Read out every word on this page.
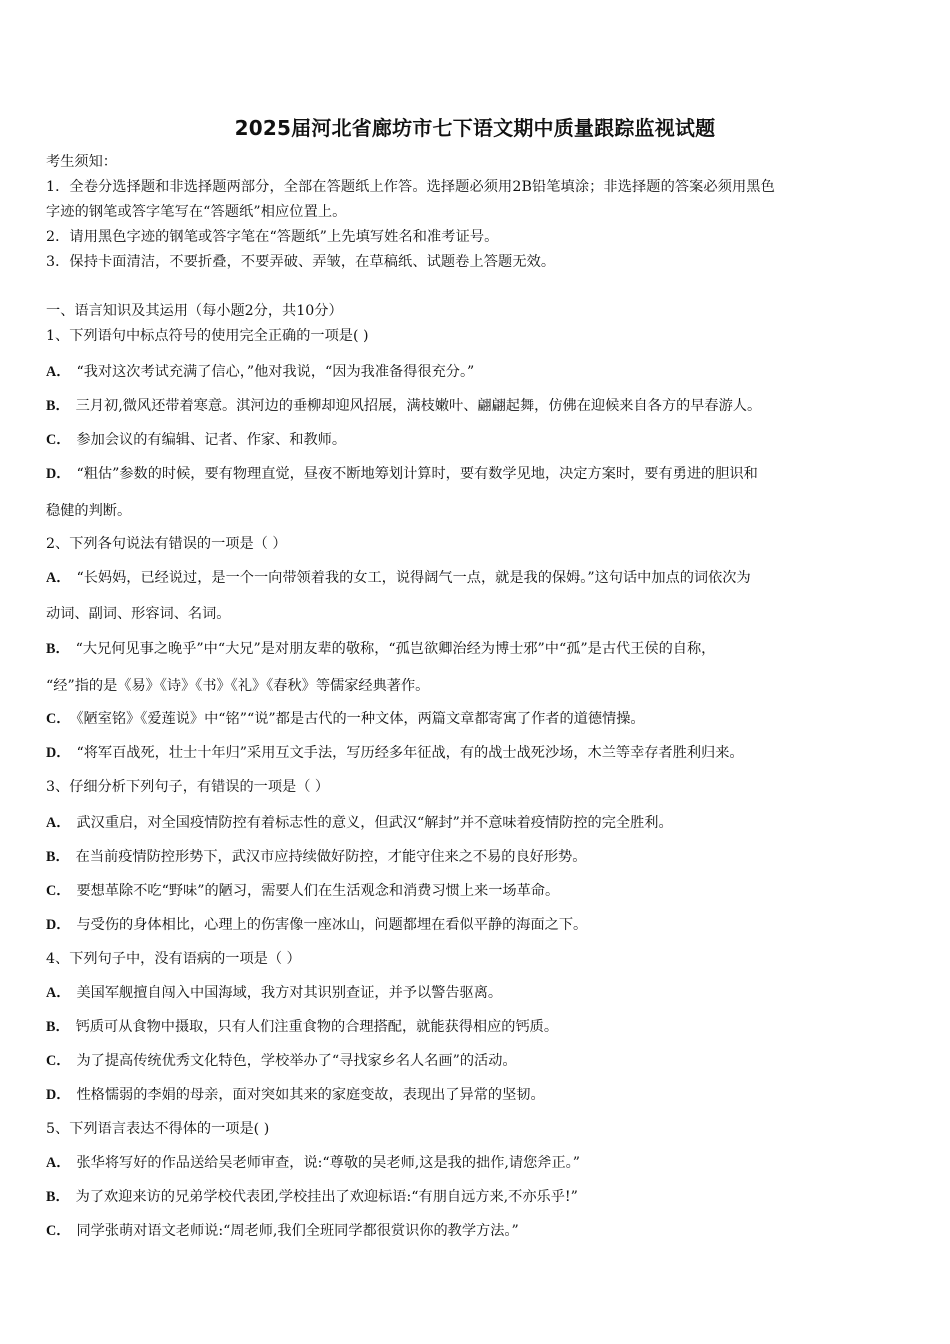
2025届河北省廊坊市七下语文期中质量跟踪监视试题
考生须知：
1．全卷分选择题和非选择题两部分，全部在答题纸上作答。选择题必须用2B铅笔填涂；非选择题的答案必须用黑色
字迹的钢笔或答字笔写在“答题纸”相应位置上。
2．请用黑色字迹的钢笔或答字笔在“答题纸”上先填写姓名和准考证号。
3．保持卡面清洁，不要折叠，不要弄破、弄皱，在草稿纸、试题卷上答题无效。
一、语言知识及其运用（每小题2分，共10分）
1、下列语句中标点符号的使用完全正确的一项是( )
A． “我对这次考试充满了信心，”他对我说，“因为我准备得很充分。”
B． 三月初,微风还带着寒意。淇河边的垂柳却迎风招展，满枝嫩叶、翩翩起舞，仿佛在迎候来自各方的早春游人。
C． 参加会议的有编辑、记者、作家、和教师。
D． “粗估”参数的时候，要有物理直觉，昼夜不断地筹划计算时，要有数学见地，决定方案时，要有勇进的胆识和
稳健的判断。
2、下列各句说法有错误的一项是（ ）
A． “长妈妈，已经说过，是一个一向带领着我的女工，说得阔气一点，就是我的保姆。”这句话中加点的词依次为
动词、副词、形容词、名词。
B． “大兄何见事之晚乎”中“大兄”是对朋友辈的敬称，“孤岂欲卿治经为博士邪”中“孤”是古代王侯的自称，
“经”指的是《易》《诗》《书》《礼》《春秋》等儒家经典著作。
C． 《陋室铭》《爱莲说》中“铭”“说”都是古代的一种文体，两篇文章都寄寓了作者的道德情操。
D． “将军百战死，壮士十年归”采用互文手法，写历经多年征战，有的战士战死沙场，木兰等幸存者胜利归来。
3、仔细分析下列句子，有错误的一项是（ ）
A． 武汉重启，对全国疫情防控有着标志性的意义，但武汉“解封”并不意味着疫情防控的完全胜利。
B． 在当前疫情防控形势下，武汉市应持续做好防控，才能守住来之不易的良好形势。
C． 要想革除不吃“野味”的陋习，需要人们在生活观念和消费习惯上来一场革命。
D． 与受伤的身体相比，心理上的伤害像一座冰山，问题都埋在看似平静的海面之下。
4、下列句子中，没有语病的一项是（ ）
A． 美国军舰擅自闯入中国海域，我方对其识别查证，并予以警告驱离。
B． 钙质可从食物中摄取，只有人们注重食物的合理搭配，就能获得相应的钙质。
C． 为了提高传统优秀文化特色，学校举办了“寻找家乡名人名画”的活动。
D． 性格懦弱的李娟的母亲，面对突如其来的家庭变故，表现出了异常的坚韧。
5、下列语言表达不得体的一项是( )
A． 张华将写好的作品送给吴老师审查，说:“尊敬的吴老师,这是我的拙作,请您斧正。”
B． 为了欢迎来访的兄弟学校代表团,学校挂出了欢迎标语:“有朋自远方来,不亦乐乎!”
C． 同学张萌对语文老师说:“周老师,我们全班同学都很赏识你的教学方法。”
